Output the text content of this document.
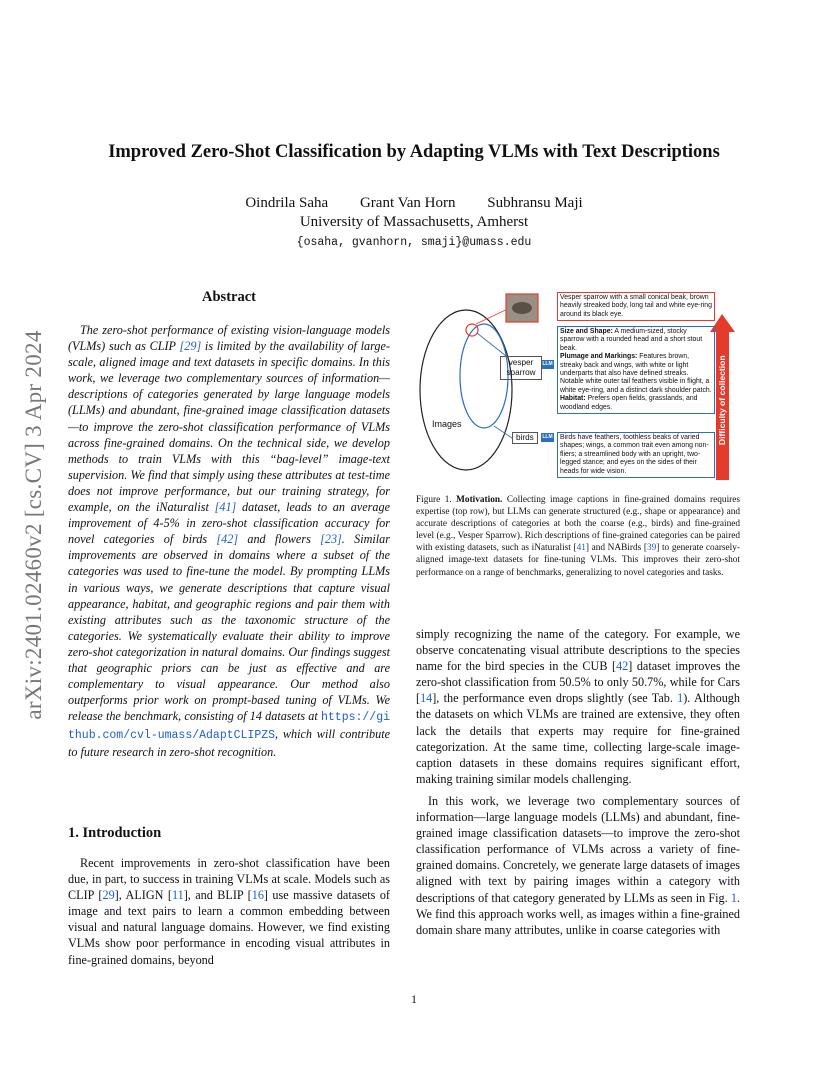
arXiv:2401.02460v2 [cs.CV] 3 Apr 2024
Improved Zero-Shot Classification by Adapting VLMs with Text Descriptions
Oindrila Saha Grant Van Horn Subhransu Maji
University of Massachusetts, Amherst
{osaha, gvanhorn, smaji}@umass.edu
Abstract
The zero-shot performance of existing vision-language models (VLMs) such as CLIP [29] is limited by the availability of large-scale, aligned image and text datasets in specific domains. In this work, we leverage two complementary sources of information—descriptions of categories generated by large language models (LLMs) and abundant, fine-grained image classification datasets—to improve the zero-shot classification performance of VLMs across fine-grained domains. On the technical side, we develop methods to train VLMs with this “bag-level” image-text supervision. We find that simply using these attributes at test-time does not improve performance, but our training strategy, for example, on the iNaturalist [41] dataset, leads to an average improvement of 4-5% in zero-shot classification accuracy for novel categories of birds [42] and flowers [23]. Similar improvements are observed in domains where a subset of the categories was used to fine-tune the model. By prompting LLMs in various ways, we generate descriptions that capture visual appearance, habitat, and geographic regions and pair them with existing attributes such as the taxonomic structure of the categories. We systematically evaluate their ability to improve zero-shot categorization in natural domains. Our findings suggest that geographic priors can be just as effective and are complementary to visual appearance. Our method also outperforms prior work on prompt-based tuning of VLMs. We release the benchmark, consisting of 14 datasets at https://github.com/cvl-umass/AdaptCLIPZS, which will contribute to future research in zero-shot recognition.
1. Introduction
Recent improvements in zero-shot classification have been due, in part, to success in training VLMs at scale. Models such as CLIP [29], ALIGN [11], and BLIP [16] use massive datasets of image and text pairs to learn a common embedding between visual and natural language domains. However, we find existing VLMs show poor performance in encoding visual attributes in fine-grained domains, beyond
Images
vesper
sparrow
birds
LLM
LLM
Vesper sparrow with a small conical beak, brown heavily streaked body, long tail and white eye-ring around its black eye.
Size and Shape: A medium-sized, stocky sparrow with a rounded head and a short stout beak.
Plumage and Markings: Features brown, streaky back and wings, with white or light underparts that also have defined streaks. Notable white outer tail feathers visible in flight, a white eye-ring, and a distinct dark shoulder patch.
Habitat: Prefers open fields, grasslands, and woodland edges.
Birds have feathers, toothless beaks of varied shapes; wings, a common trait even among non-fliers; a streamlined body with an upright, two-legged stance; and eyes on the sides of their heads for wide vision.
Difficulty of collection
Figure 1. Motivation. Collecting image captions in fine-grained domains requires expertise (top row), but LLMs can generate structured (e.g., shape or appearance) and accurate descriptions of categories at both the coarse (e.g., birds) and fine-grained level (e.g., Vesper Sparrow). Rich descriptions of fine-grained categories can be paired with existing datasets, such as iNaturalist [41] and NABirds [39] to generate coarsely-aligned image-text datasets for fine-tuning VLMs. This improves their zero-shot performance on a range of benchmarks, generalizing to novel categories and tasks.

simply recognizing the name of the category. For example, we observe concatenating visual attribute descriptions to the species name for the bird species in the CUB [42] dataset improves the zero-shot classification from 50.5% to only 50.7%, while for Cars [14], the performance even drops slightly (see Tab. 1). Although the datasets on which VLMs are trained are extensive, they often lack the details that experts may require for fine-grained categorization. At the same time, collecting large-scale image-caption datasets in these domains requires significant effort, making training similar models challenging.

In this work, we leverage two complementary sources of information—large language models (LLMs) and abundant, fine-grained image classification datasets—to improve the zero-shot classification performance of VLMs across a variety of fine-grained domains. Concretely, we generate large datasets of images aligned with text by pairing images within a category with descriptions of that category generated by LLMs as seen in Fig. 1. We find this approach works well, as images within a fine-grained domain share many attributes, unlike in coarse categories with

1
